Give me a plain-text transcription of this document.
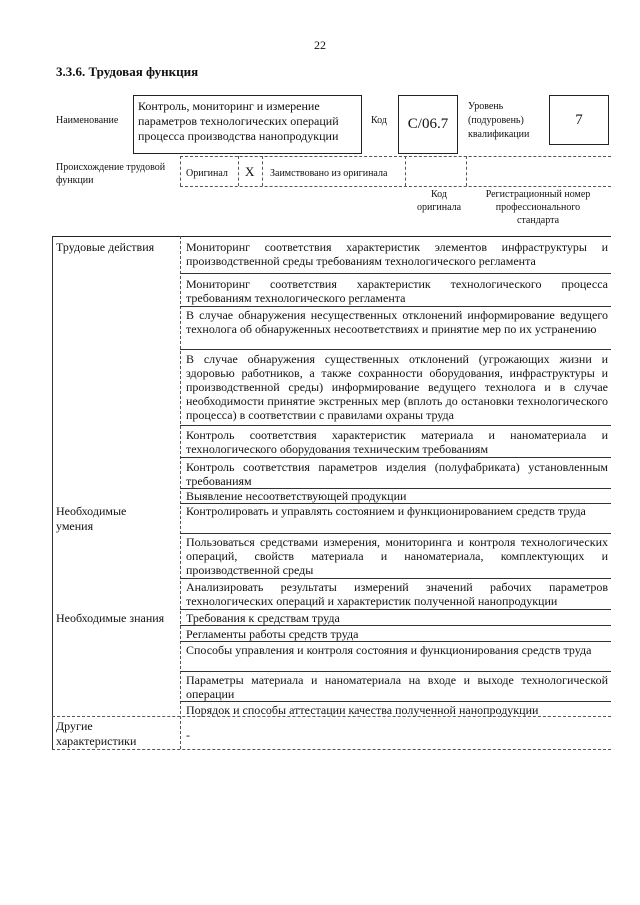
22
3.3.6. Трудовая функция
Наименование
Контроль, мониторинг и измерение параметров технологических операций процесса производства нанопродукции
Код	С/06.7
Уровень (подуровень) квалификации
7
Происхождение трудовой функции
Оригинал X Заимствовано из оригинала
Код оригинала
Регистрационный номер профессионального стандарта
Трудовые действия
Необходимые умения
Необходимые знания
Другие характеристики
Мониторинг соответствия характеристик элементов инфраструктуры и производственной среды требованиям технологического регламента
Мониторинг соответствия характеристик технологического процесса требованиям технологического регламента
В случае обнаружения несущественных отклонений информирование ведущего технолога об обнаруженных несоответствиях и принятие мер по их устранению
В случае обнаружения существенных отклонений (угрожающих жизни и здоровью работников, а также сохранности оборудования, инфраструктуры и производственной среды) информирование ведущего технолога и в случае необходимости принятие экстренных мер (вплоть до остановки технологического процесса) в соответствии с правилами охраны труда
Контроль соответствия характеристик материала и наноматериала и технологического оборудования техническим требованиям
Контроль соответствия параметров изделия (полуфабриката) установленным требованиям
Выявление несоответствующей продукции
Контролировать и управлять состоянием и функционированием средств труда
Пользоваться средствами измерения, мониторинга и контроля технологических операций, свойств материала и наноматериала, комплектующих и производственной среды
Анализировать результаты измерений значений рабочих параметров технологических операций и характеристик полученной нанопродукции
Требования к средствам труда
Регламенты работы средств труда
Способы управления и контроля состояния и функционирования средств труда
Параметры материала и наноматериала на входе и выходе технологической операции
Порядок и способы аттестации качества полученной нанопродукции
-
